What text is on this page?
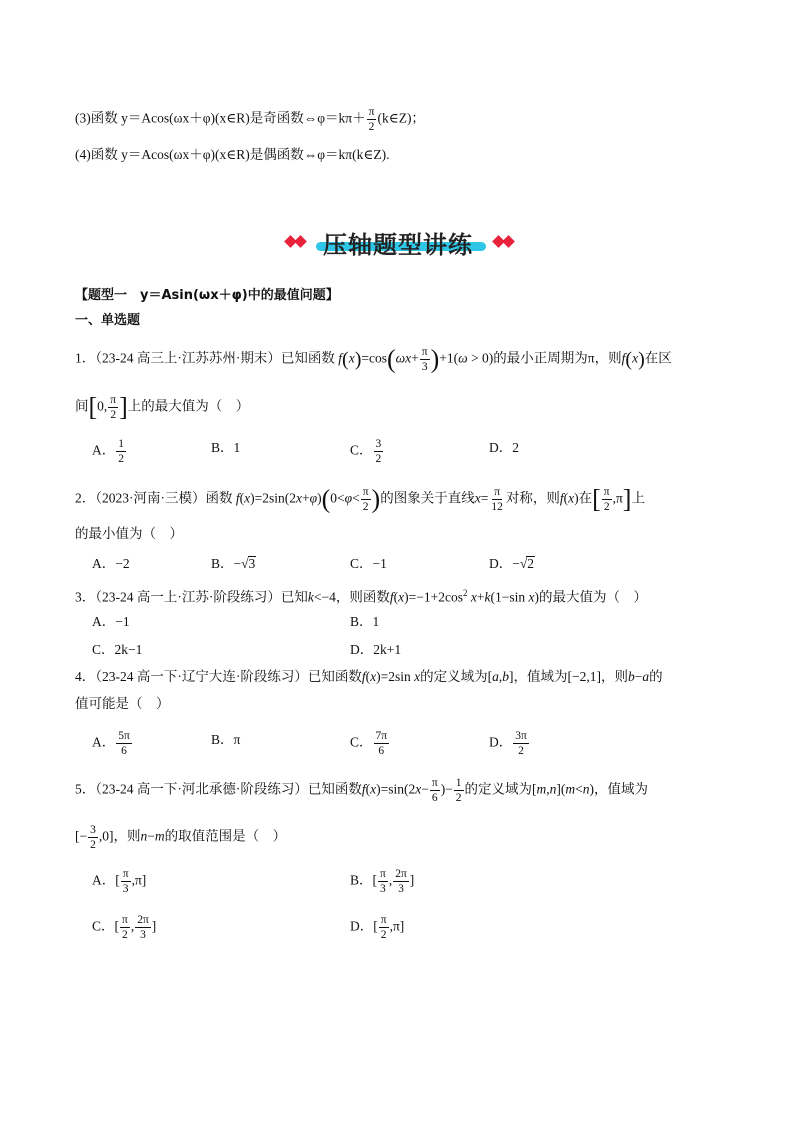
(3)函数 y＝Acos(ωx＋φ)(x∈R)是奇函数⇔φ＝kπ＋ $\frac{\pi}{2}$ (k∈Z)；
(4)函数 y＝Acos(ωx＋φ)(x∈R)是偶函数⇔φ＝kπ(k∈Z).
压轴题型讲练
【题型一　y＝Asin(ωx＋φ)中的最值问题】
一、单选题
1．（23-24 高三上·江苏苏州·期末）已知函数 $f(x)=\cos(\omega x+ \frac{\pi}{3} )+1(\omega > 0)$的最小正周期为π，则f(x)在区
间[0, $\frac{\pi}{2}$ ]上的最大值为（　）
A． $\frac{1}{2}$	B．1	C． $\frac{3}{2}$	D．2
2．（2023·河南·三模）函数 $f(x)=2\sin(2x+\varphi)(0<\varphi< \frac{\pi}{2}$ )的图象关于直线$x= \frac{\pi}{12}$ 对称，则f(x)在[ $\frac{\pi}{2} ,\pi$]上
的最小值为（　）
A．−2	B．−√3	C．−1	D．−√2
3．（23-24 高一上·江苏·阶段练习）已知k<−4，则函数$f(x)=-1+2\cos^2$ x+k(1−sin x)的最大值为（　）
A．−1	B．1
C．2k−1	D．2k+1
4．（23-24 高一下·辽宁大连·阶段练习）已知函数f(x)=2sin x的定义域为[a,b]，值域为[−2,1]，则b−a的
值可能是（　）
A． $\frac{5\pi}{6}$	B．π	C． $\frac{7\pi}{6}$	D． $\frac{3\pi}{2}$
5．（23-24 高一下·河北承德·阶段练习）已知函数$f(x)=\sin(2x- \frac{\pi}{6}$ )− $\frac{1}{2}$ 的定义域为[m,n](m<n)，值域为
[− $\frac{3}{2} ,0$]，则n−m的取值范围是（　）
A．[ $\frac{\pi}{3} ,\pi$]	B．[ $\frac{\pi}{3}$ , $\frac{2\pi}{3}$ ]
C．[ $\frac{\pi}{2}$ , $\frac{2\pi}{3}$ ]	D．[ $\frac{\pi}{2} ,\pi$]
